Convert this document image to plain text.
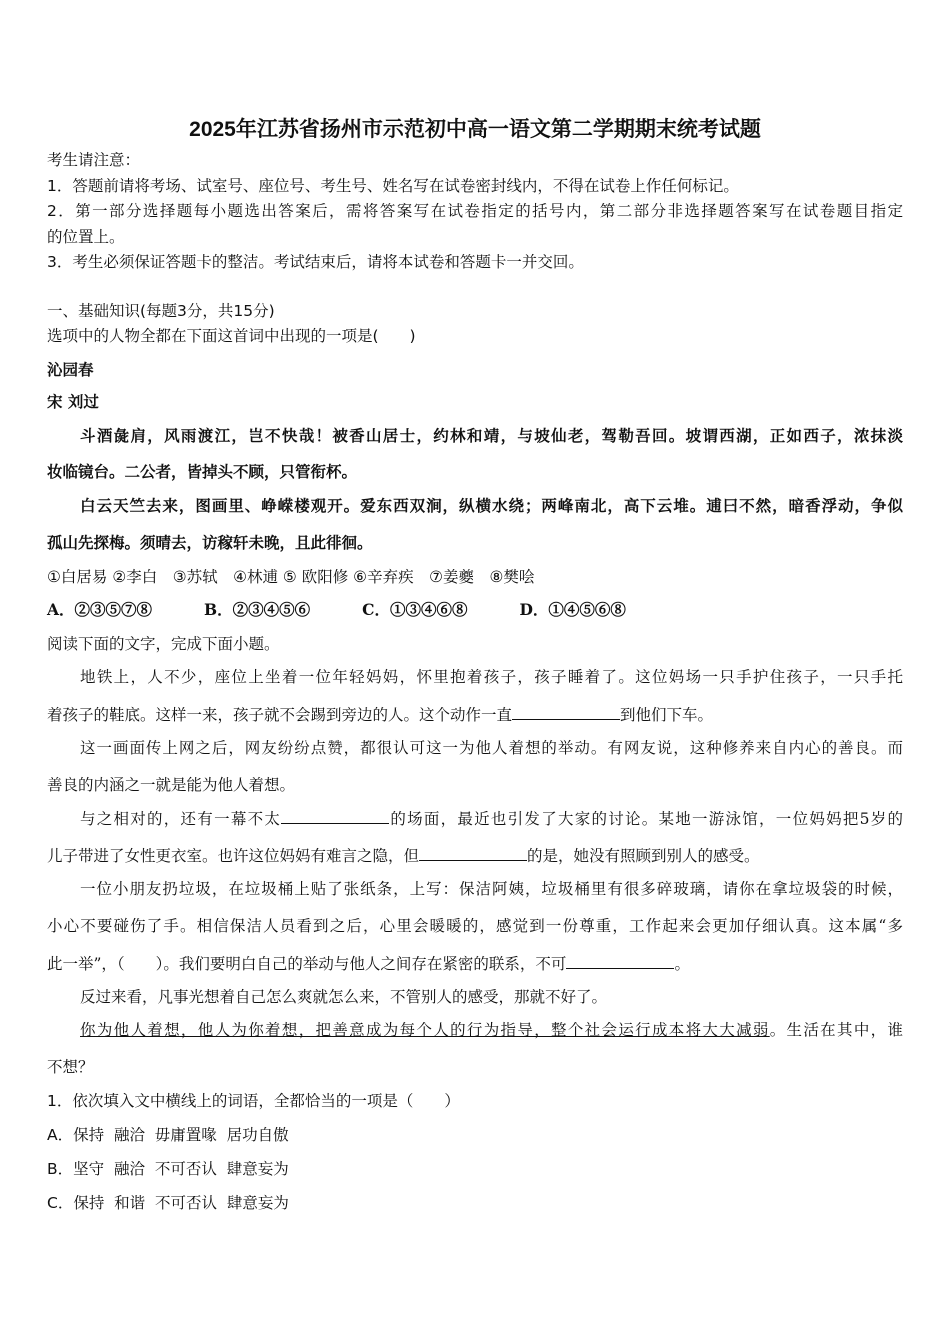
2025年江苏省扬州市示范初中高一语文第二学期期末统考试题
考生请注意：
1．答题前请将考场、试室号、座位号、考生号、姓名写在试卷密封线内，不得在试卷上作任何标记。
2．第一部分选择题每小题选出答案后，需将答案写在试卷指定的括号内，第二部分非选择题答案写在试卷题目指定
的位置上。
3．考生必须保证答题卡的整洁。考试结束后，请将本试卷和答题卡一并交回。
一、基础知识(每题3分，共15分)
选项中的人物全都在下面这首词中出现的一项是(　　)
沁园春
宋 刘过
斗酒彘肩，风雨渡江，岂不快哉！被香山居士，约林和靖，与坡仙老，驾勒吾回。坡谓西湖，正如西子，浓抹淡
妆临镜台。二公者，皆掉头不顾，只管衔杯。
白云天竺去来，图画里、峥嵘楼观开。爱东西双涧，纵横水绕；两峰南北，高下云堆。逋曰不然，暗香浮动，争似
孤山先探梅。须晴去，访稼轩未晚，且此徘徊。
①白居易 ②李白　③苏轼　④林逋 ⑤ 欧阳修 ⑥辛弃疾　⑦姜夔　⑧樊哙
A．②③⑤⑦⑧	B．②③④⑤⑥	C．①③④⑥⑧	D．①④⑤⑥⑧
阅读下面的文字，完成下面小题。
地铁上，人不少，座位上坐着一位年轻妈妈，怀里抱着孩子，孩子睡着了。这位妈场一只手护住孩子，一只手托
着孩子的鞋底。这样一来，孩子就不会踢到旁边的人。这个动作一直	到他们下车。
这一画面传上网之后，网友纷纷点赞，都很认可这一为他人着想的举动。有网友说，这种修养来自内心的善良。而
善良的内涵之一就是能为他人着想。
与之相对的，还有一幕不太	的场面，最近也引发了大家的讨论。某地一游泳馆，一位妈妈把5岁的
儿子带进了女性更衣室。也许这位妈妈有难言之隐，但	的是，她没有照顾到别人的感受。
一位小朋友扔垃圾，在垃圾桶上贴了张纸条，上写：保洁阿姨，垃圾桶里有很多碎玻璃，请你在拿垃圾袋的时候，
小心不要碰伤了手。相信保洁人员看到之后，心里会暖暖的，感觉到一份尊重，工作起来会更加仔细认真。这本属“多
此一举”，（　　）。我们要明白自己的举动与他人之间存在紧密的联系，不可	。
反过来看，凡事光想着自己怎么爽就怎么来，不管别人的感受，那就不好了。
你为他人着想，他人为你着想，把善意成为每个人的行为指导，整个社会运行成本将大大减弱。生活在其中，谁
不想？
1．依次填入文中横线上的词语，全都恰当的一项是（　　）
A．保持  融洽  毋庸置喙  居功自傲
B．坚守  融洽  不可否认  肆意妄为
C．保持  和谐  不可否认  肆意妄为
